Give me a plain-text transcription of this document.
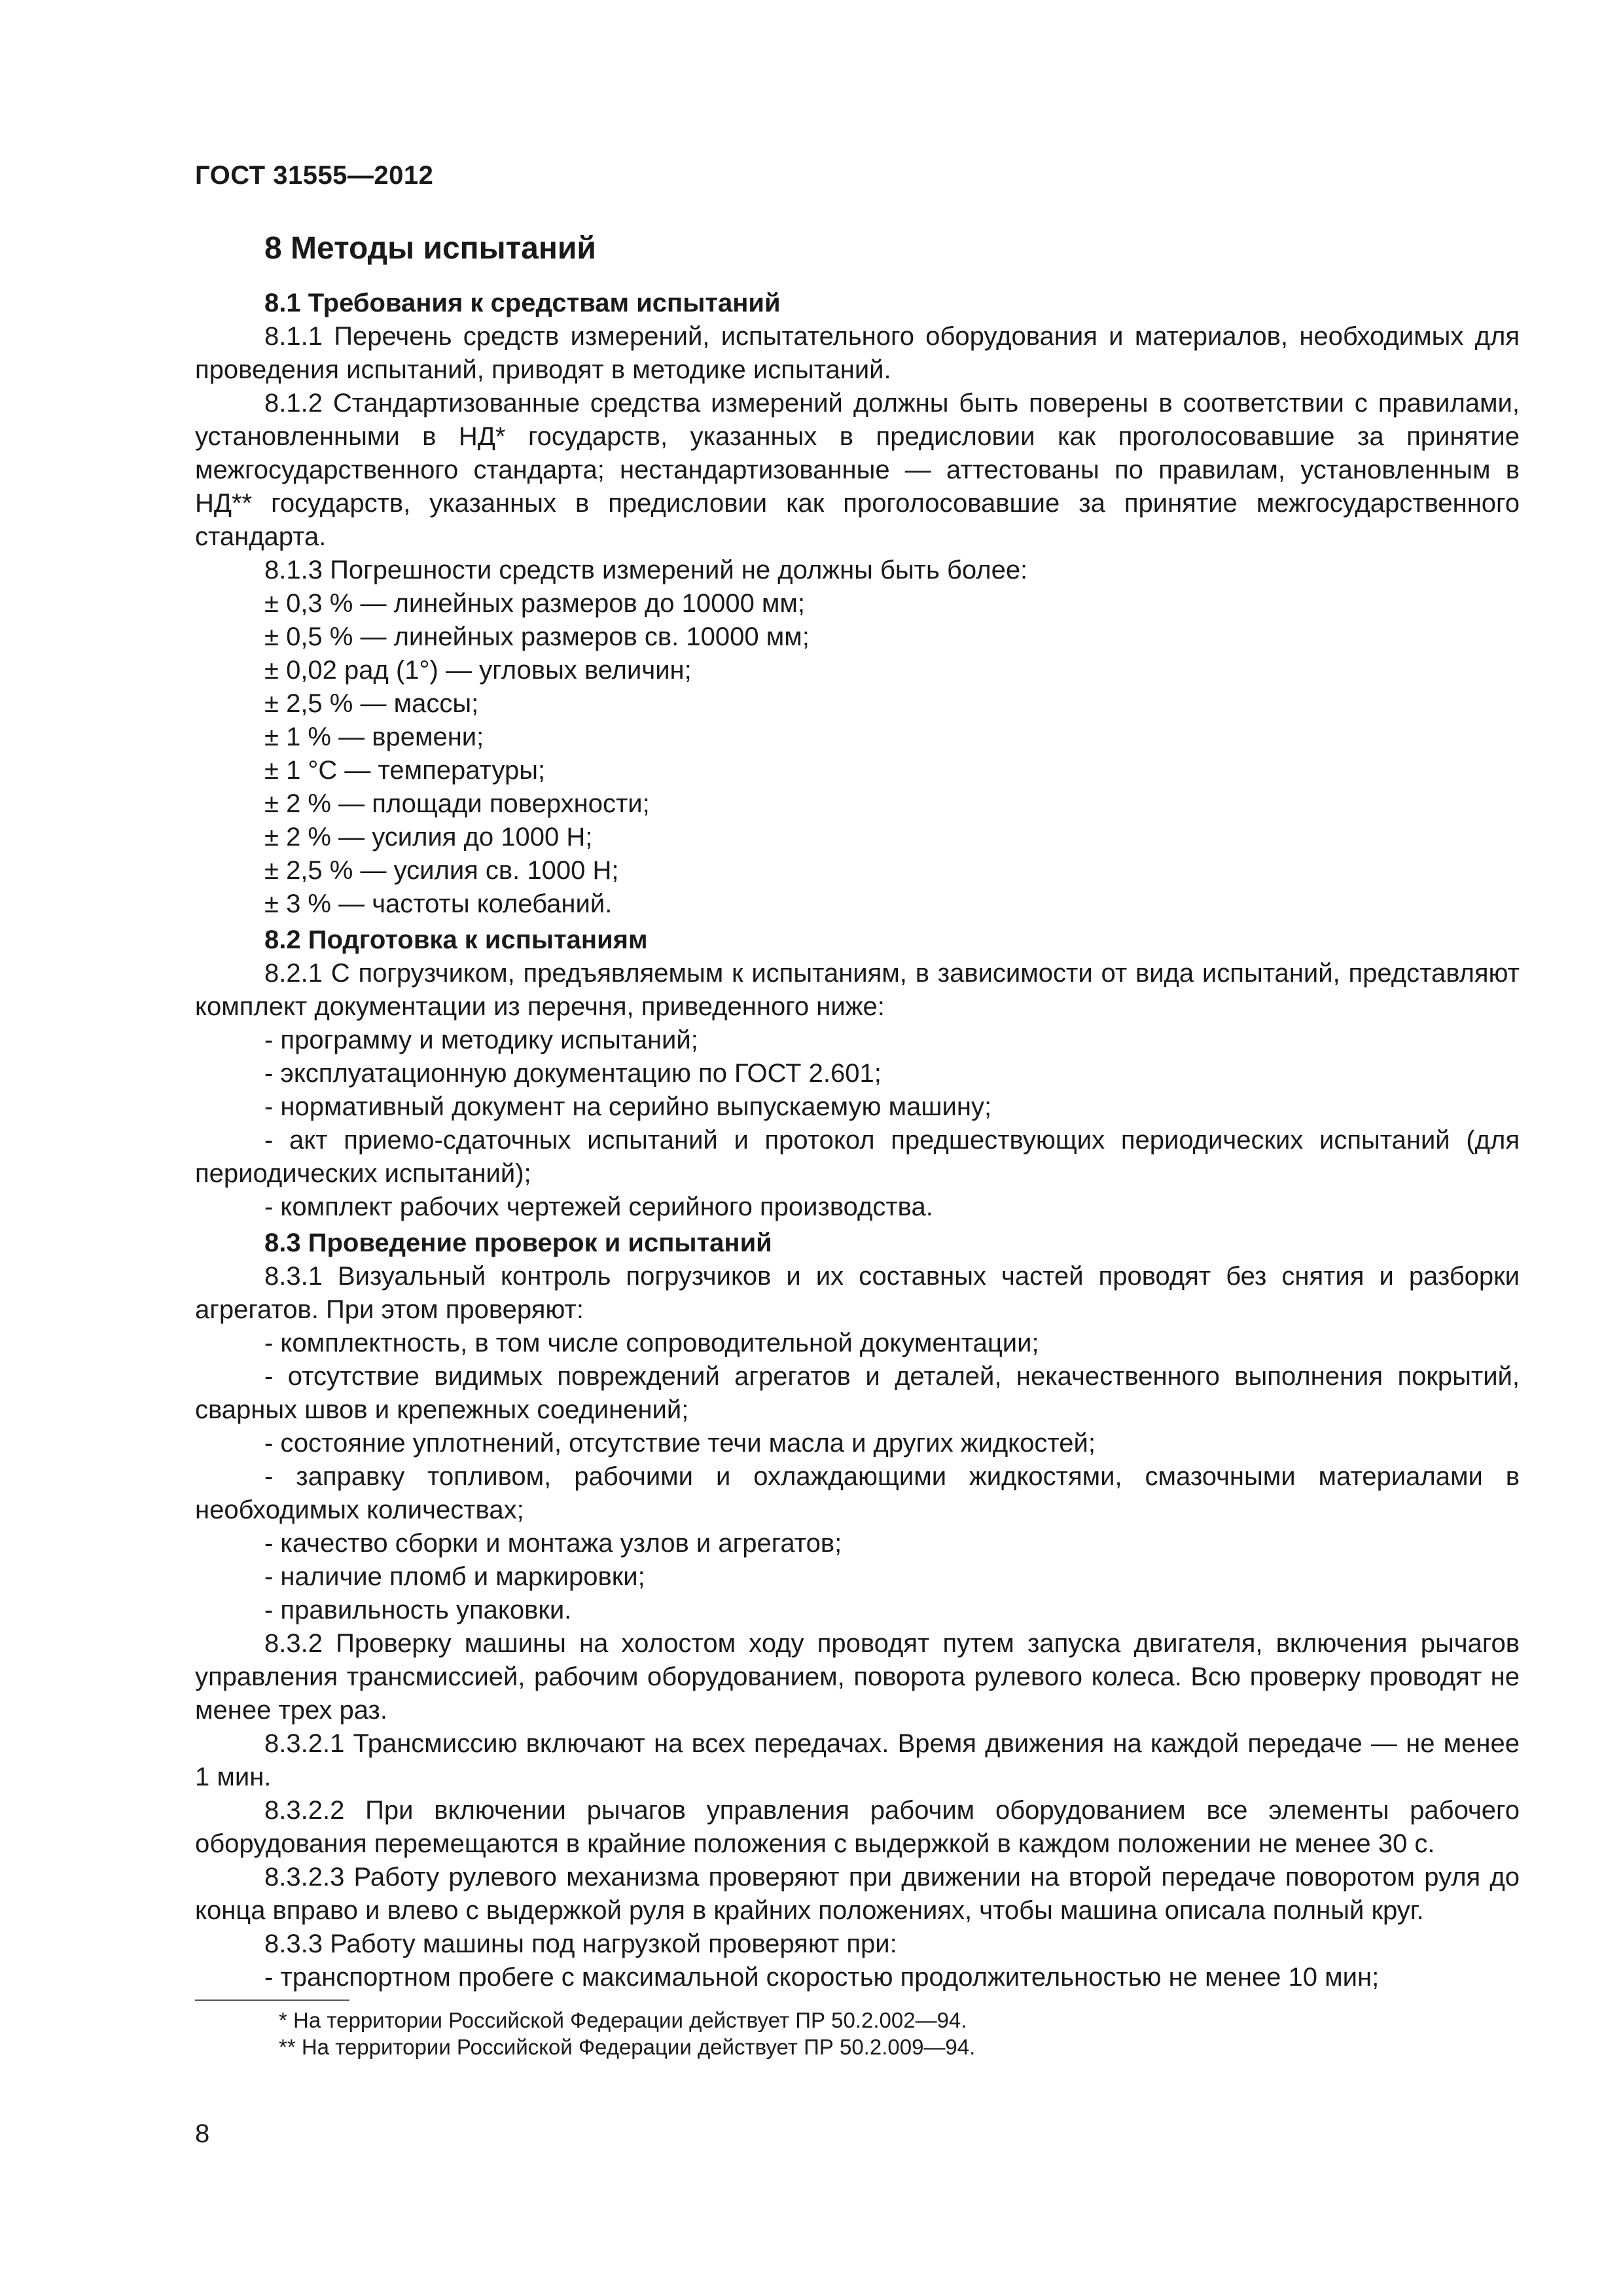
ГОСТ 31555—2012

8 Методы испытаний

8.1 Требования к средствам испытаний

8.1.1 Перечень средств измерений, испытательного оборудования и материалов, необходимых для проведения испытаний, приводят в методике испытаний.

8.1.2 Стандартизованные средства измерений должны быть поверены в соответствии с правилами, установленными в НД* государств, указанных в предисловии как проголосовавшие за принятие межгосударственного стандарта; нестандартизованные — аттестованы по правилам, установленным в НД** государств, указанных в предисловии как проголосовавшие за принятие межгосударственного стандарта.

8.1.3 Погрешности средств измерений не должны быть более:

± 0,3 % — линейных размеров до 10000 мм;

± 0,5 % — линейных размеров св. 10000 мм;

± 0,02 рад (1°) — угловых величин;

± 2,5 % — массы;

± 1 % — времени;

± 1 °С — температуры;

± 2 % — площади поверхности;

± 2 % — усилия до 1000 Н;

± 2,5 % — усилия св. 1000 Н;

± 3 % — частоты колебаний.

8.2 Подготовка к испытаниям

8.2.1 С погрузчиком, предъявляемым к испытаниям, в зависимости от вида испытаний, представляют комплект документации из перечня, приведенного ниже:

- программу и методику испытаний;

- эксплуатационную документацию по ГОСТ 2.601;

- нормативный документ на серийно выпускаемую машину;

- акт приемо-сдаточных испытаний и протокол предшествующих периодических испытаний (для периодических испытаний);

- комплект рабочих чертежей серийного производства.

8.3 Проведение проверок и испытаний

8.3.1 Визуальный контроль погрузчиков и их составных частей проводят без снятия и разборки агрегатов. При этом проверяют:

- комплектность, в том числе сопроводительной документации;

- отсутствие видимых повреждений агрегатов и деталей, некачественного выполнения покрытий, сварных швов и крепежных соединений;

- состояние уплотнений, отсутствие течи масла и других жидкостей;

- заправку топливом, рабочими и охлаждающими жидкостями, смазочными материалами в необходимых количествах;

- качество сборки и монтажа узлов и агрегатов;

- наличие пломб и маркировки;

- правильность упаковки.

8.3.2 Проверку машины на холостом ходу проводят путем запуска двигателя, включения рычагов управления трансмиссией, рабочим оборудованием, поворота рулевого колеса. Всю проверку проводят не менее трех раз.

8.3.2.1 Трансмиссию включают на всех передачах. Время движения на каждой передаче — не менее 1 мин.

8.3.2.2 При включении рычагов управления рабочим оборудованием все элементы рабочего оборудования перемещаются в крайние положения с выдержкой в каждом положении не менее 30 с.

8.3.2.3 Работу рулевого механизма проверяют при движении на второй передаче поворотом руля до конца вправо и влево с выдержкой руля в крайних положениях, чтобы машина описала полный круг.

8.3.3 Работу машины под нагрузкой проверяют при:

- транспортном пробеге с максимальной скоростью продолжительностью не менее 10 мин;

* На территории Российской Федерации действует ПР 50.2.002—94.

** На территории Российской Федерации действует ПР 50.2.009—94.

8
